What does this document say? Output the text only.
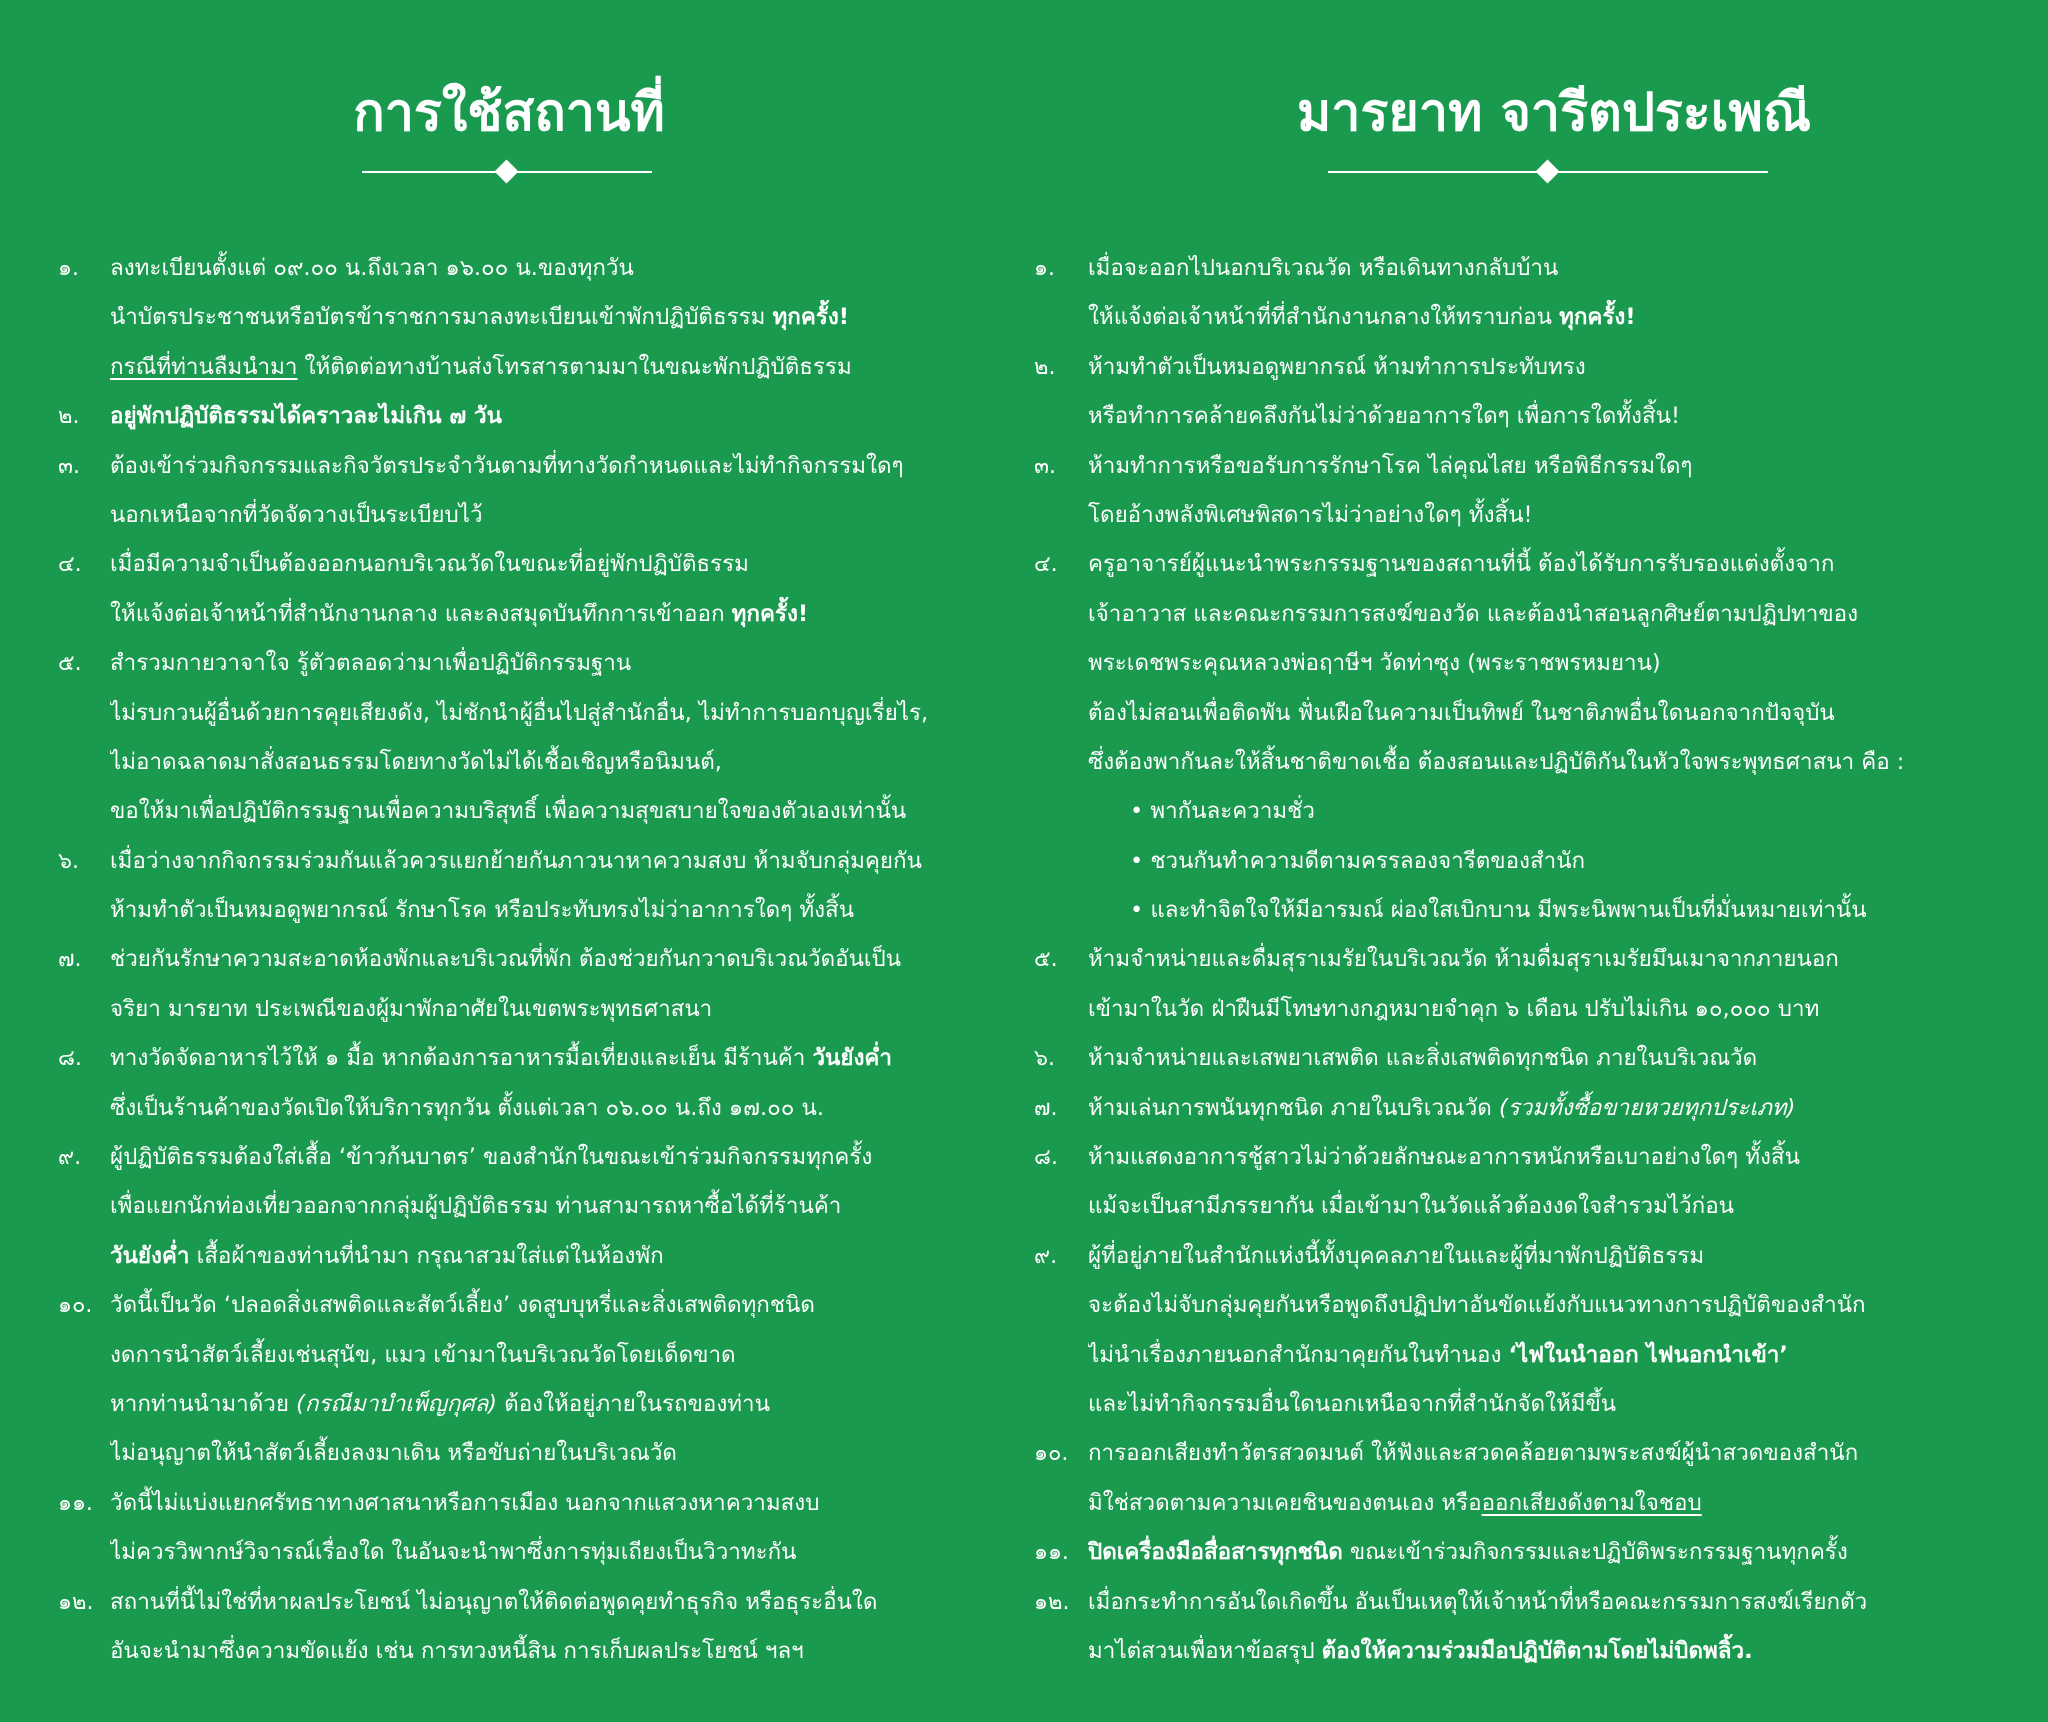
การใช้สถานที่
๑. ลงทะเบียนตั้งแต่ ๐๙.๐๐ น.ถึงเวลา ๑๖.๐๐ น.ของทุกวัน
นำบัตรประชาชนหรือบัตรข้าราชการมาลงทะเบียนเข้าพักปฏิบัติธรรม ทุกครั้ง!
กรณีที่ท่านลืมนำมา ให้ติดต่อทางบ้านส่งโทรสารตามมาในขณะพักปฏิบัติธรรม
๒. อยู่พักปฏิบัติธรรมได้คราวละไม่เกิน ๗ วัน
๓. ต้องเข้าร่วมกิจกรรมและกิจวัตรประจำวันตามที่ทางวัดกำหนดและไม่ทำกิจกรรมใดๆ
นอกเหนือจากที่วัดจัดวางเป็นระเบียบไว้
๔. เมื่อมีความจำเป็นต้องออกนอกบริเวณวัดในขณะที่อยู่พักปฏิบัติธรรม
ให้แจ้งต่อเจ้าหน้าที่สำนักงานกลาง และลงสมุดบันทึกการเข้าออก ทุกครั้ง!
๕. สำรวมกายวาจาใจ รู้ตัวตลอดว่ามาเพื่อปฏิบัติกรรมฐาน
ไม่รบกวนผู้อื่นด้วยการคุยเสียงดัง, ไม่ชักนำผู้อื่นไปสู่สำนักอื่น, ไม่ทำการบอกบุญเรี่ยไร,
ไม่อาดฉลาดมาสั่งสอนธรรมโดยทางวัดไม่ได้เชื้อเชิญหรือนิมนต์,
ขอให้มาเพื่อปฏิบัติกรรมฐานเพื่อความบริสุทธิ์ เพื่อความสุขสบายใจของตัวเองเท่านั้น
๖. เมื่อว่างจากกิจกรรมร่วมกันแล้วควรแยกย้ายกันภาวนาหาความสงบ ห้ามจับกลุ่มคุยกัน
ห้ามทำตัวเป็นหมอดูพยากรณ์ รักษาโรค หรือประทับทรงไม่ว่าอาการใดๆ ทั้งสิ้น
๗. ช่วยกันรักษาความสะอาดห้องพักและบริเวณที่พัก ต้องช่วยกันกวาดบริเวณวัดอันเป็น
จริยา มารยาท ประเพณีของผู้มาพักอาศัยในเขตพระพุทธศาสนา
๘. ทางวัดจัดอาหารไว้ให้ ๑ มื้อ หากต้องการอาหารมื้อเที่ยงและเย็น มีร้านค้า วันยังค่ำ
ซึ่งเป็นร้านค้าของวัดเปิดให้บริการทุกวัน ตั้งแต่เวลา ๐๖.๐๐ น.ถึง ๑๗.๐๐ น.
๙. ผู้ปฏิบัติธรรมต้องใส่เสื้อ ‘ข้าวก้นบาตร’ ของสำนักในขณะเข้าร่วมกิจกรรมทุกครั้ง
เพื่อแยกนักท่องเที่ยวออกจากกลุ่มผู้ปฏิบัติธรรม ท่านสามารถหาซื้อได้ที่ร้านค้า
วันยังค่ำ เสื้อผ้าของท่านที่นำมา กรุณาสวมใส่แต่ในห้องพัก
๑๐. วัดนี้เป็นวัด ‘ปลอดสิ่งเสพติดและสัตว์เลี้ยง’ งดสูบบุหรี่และสิ่งเสพติดทุกชนิด
งดการนำสัตว์เลี้ยงเช่นสุนัข, แมว เข้ามาในบริเวณวัดโดยเด็ดขาด
หากท่านนำมาด้วย (กรณีมาบำเพ็ญกุศล) ต้องให้อยู่ภายในรถของท่าน
ไม่อนุญาตให้นำสัตว์เลี้ยงลงมาเดิน หรือขับถ่ายในบริเวณวัด
๑๑. วัดนี้ไม่แบ่งแยกศรัทธาทางศาสนาหรือการเมือง นอกจากแสวงหาความสงบ
ไม่ควรวิพากษ์วิจารณ์เรื่องใด ในอันจะนำพาซึ่งการทุ่มเถียงเป็นวิวาทะกัน
๑๒. สถานที่นี้ไม่ใช่ที่หาผลประโยชน์ ไม่อนุญาตให้ติดต่อพูดคุยทำธุรกิจ หรือธุระอื่นใด
อันจะนำมาซึ่งความขัดแย้ง เช่น การทวงหนี้สิน การเก็บผลประโยชน์ ฯลฯ
มารยาท จารีตประเพณี
๑. เมื่อจะออกไปนอกบริเวณวัด หรือเดินทางกลับบ้าน
ให้แจ้งต่อเจ้าหน้าที่ที่สำนักงานกลางให้ทราบก่อน ทุกครั้ง!
๒. ห้ามทำตัวเป็นหมอดูพยากรณ์ ห้ามทำการประทับทรง
หรือทำการคล้ายคลึงกันไม่ว่าด้วยอาการใดๆ เพื่อการใดทั้งสิ้น!
๓. ห้ามทำการหรือขอรับการรักษาโรค ไล่คุณไสย หรือพิธีกรรมใดๆ
โดยอ้างพลังพิเศษพิสดารไม่ว่าอย่างใดๆ ทั้งสิ้น!
๔. ครูอาจารย์ผู้แนะนำพระกรรมฐานของสถานที่นี้ ต้องได้รับการรับรองแต่งตั้งจาก
เจ้าอาวาส และคณะกรรมการสงฆ์ของวัด และต้องนำสอนลูกศิษย์ตามปฏิปทาของ
พระเดชพระคุณหลวงพ่อฤาษีฯ วัดท่าซุง (พระราชพรหมยาน)
ต้องไม่สอนเพื่อติดพัน ฟั่นเฝือในความเป็นทิพย์ ในชาติภพอื่นใดนอกจากปัจจุบัน
ซึ่งต้องพากันละให้สิ้นชาติขาดเชื้อ ต้องสอนและปฏิบัติกันในหัวใจพระพุทธศาสนา คือ :
• พากันละความชั่ว
• ชวนกันทำความดีตามครรลองจารีตของสำนัก
• และทำจิตใจให้มีอารมณ์ ผ่องใสเบิกบาน มีพระนิพพานเป็นที่มั่นหมายเท่านั้น
๕. ห้ามจำหน่ายและดื่มสุราเมรัยในบริเวณวัด ห้ามดื่มสุราเมรัยมึนเมาจากภายนอก
เข้ามาในวัด ฝ่าฝืนมีโทษทางกฎหมายจำคุก ๖ เดือน ปรับไม่เกิน ๑๐,๐๐๐ บาท
๖. ห้ามจำหน่ายและเสพยาเสพติด และสิ่งเสพติดทุกชนิด ภายในบริเวณวัด
๗. ห้ามเล่นการพนันทุกชนิด ภายในบริเวณวัด (รวมทั้งซื้อขายหวยทุกประเภท)
๘. ห้ามแสดงอาการชู้สาวไม่ว่าด้วยลักษณะอาการหนักหรือเบาอย่างใดๆ ทั้งสิ้น
แม้จะเป็นสามีภรรยากัน เมื่อเข้ามาในวัดแล้วต้องงดใจสำรวมไว้ก่อน
๙. ผู้ที่อยู่ภายในสำนักแห่งนี้ทั้งบุคคลภายในและผู้ที่มาพักปฏิบัติธรรม
จะต้องไม่จับกลุ่มคุยกันหรือพูดถึงปฏิปทาอันขัดแย้งกับแนวทางการปฏิบัติของสำนัก
ไม่นำเรื่องภายนอกสำนักมาคุยกันในทำนอง ‘ไฟในนำออก ไฟนอกนำเข้า’
และไม่ทำกิจกรรมอื่นใดนอกเหนือจากที่สำนักจัดให้มีขึ้น
๑๐. การออกเสียงทำวัตรสวดมนต์ ให้ฟังและสวดคล้อยตามพระสงฆ์ผู้นำสวดของสำนัก
มิใช่สวดตามความเคยชินของตนเอง หรือออกเสียงดังตามใจชอบ
๑๑. ปิดเครื่องมือสื่อสารทุกชนิด ขณะเข้าร่วมกิจกรรมและปฏิบัติพระกรรมฐานทุกครั้ง
๑๒. เมื่อกระทำการอันใดเกิดขึ้น อันเป็นเหตุให้เจ้าหน้าที่หรือคณะกรรมการสงฆ์เรียกตัว
มาไต่สวนเพื่อหาข้อสรุป ต้องให้ความร่วมมือปฏิบัติตามโดยไม่บิดพลิ้ว.
